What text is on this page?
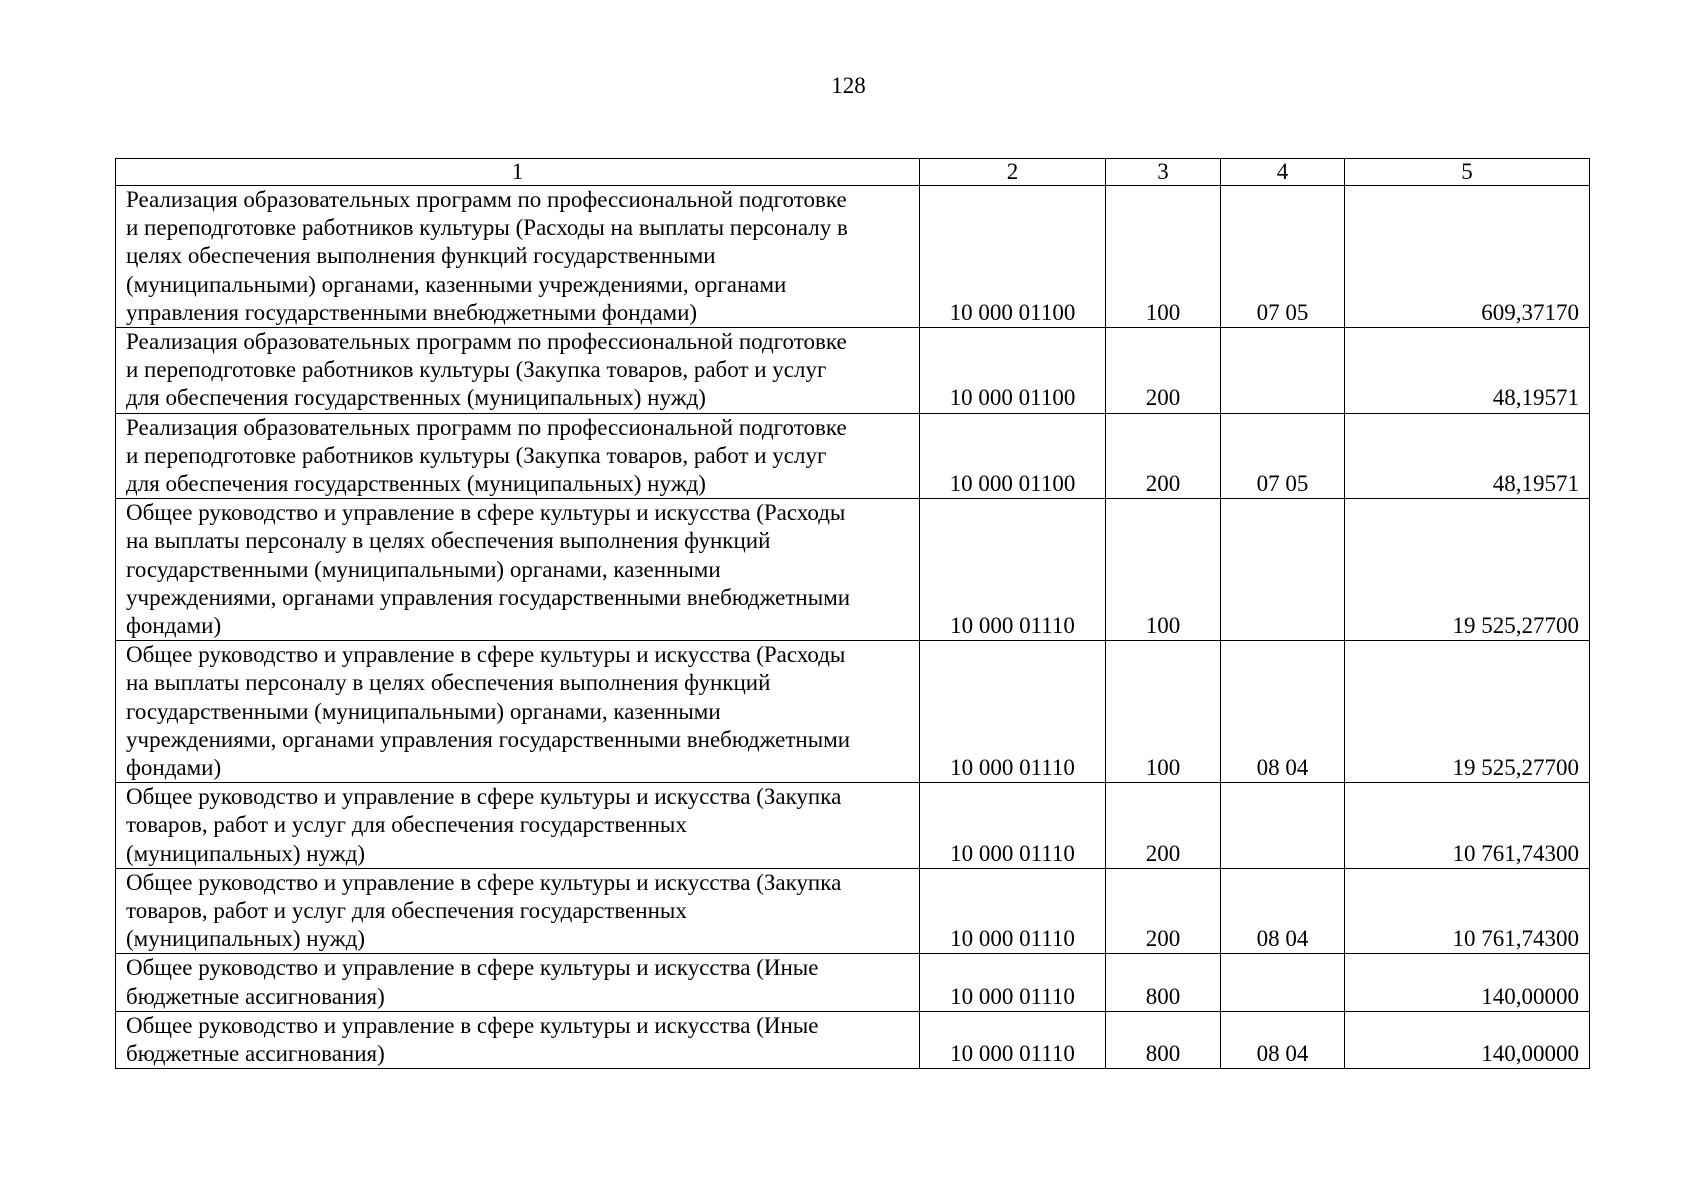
128
1	2	3	4	5

Реализация образовательных программ по профессиональной подготовке
и переподготовке работников культуры (Расходы на выплаты персоналу в
целях обеспечения выполнения функций государственными
(муниципальными) органами, казенными учреждениями, органами
управления государственными внебюджетными фондами)	10 000 01100	100	07 05	609,37170

Реализация образовательных программ по профессиональной подготовке
и переподготовке работников культуры (Закупка товаров, работ и услуг
для обеспечения государственных (муниципальных) нужд)	10 000 01100	200		48,19571

Реализация образовательных программ по профессиональной подготовке
и переподготовке работников культуры (Закупка товаров, работ и услуг
для обеспечения государственных (муниципальных) нужд)	10 000 01100	200	07 05	48,19571

Общее руководство и управление в сфере культуры и искусства (Расходы
на выплаты персоналу в целях обеспечения выполнения функций
государственными (муниципальными) органами, казенными
учреждениями, органами управления государственными внебюджетными
фондами)	10 000 01110	100		19 525,27700

Общее руководство и управление в сфере культуры и искусства (Расходы
на выплаты персоналу в целях обеспечения выполнения функций
государственными (муниципальными) органами, казенными
учреждениями, органами управления государственными внебюджетными
фондами)	10 000 01110	100	08 04	19 525,27700

Общее руководство и управление в сфере культуры и искусства (Закупка
товаров, работ и услуг для обеспечения государственных
(муниципальных) нужд)	10 000 01110	200		10 761,74300

Общее руководство и управление в сфере культуры и искусства (Закупка
товаров, работ и услуг для обеспечения государственных
(муниципальных) нужд)	10 000 01110	200	08 04	10 761,74300

Общее руководство и управление в сфере культуры и искусства (Иные
бюджетные ассигнования)	10 000 01110	800		140,00000

Общее руководство и управление в сфере культуры и искусства (Иные
бюджетные ассигнования)	10 000 01110	800	08 04	140,00000
